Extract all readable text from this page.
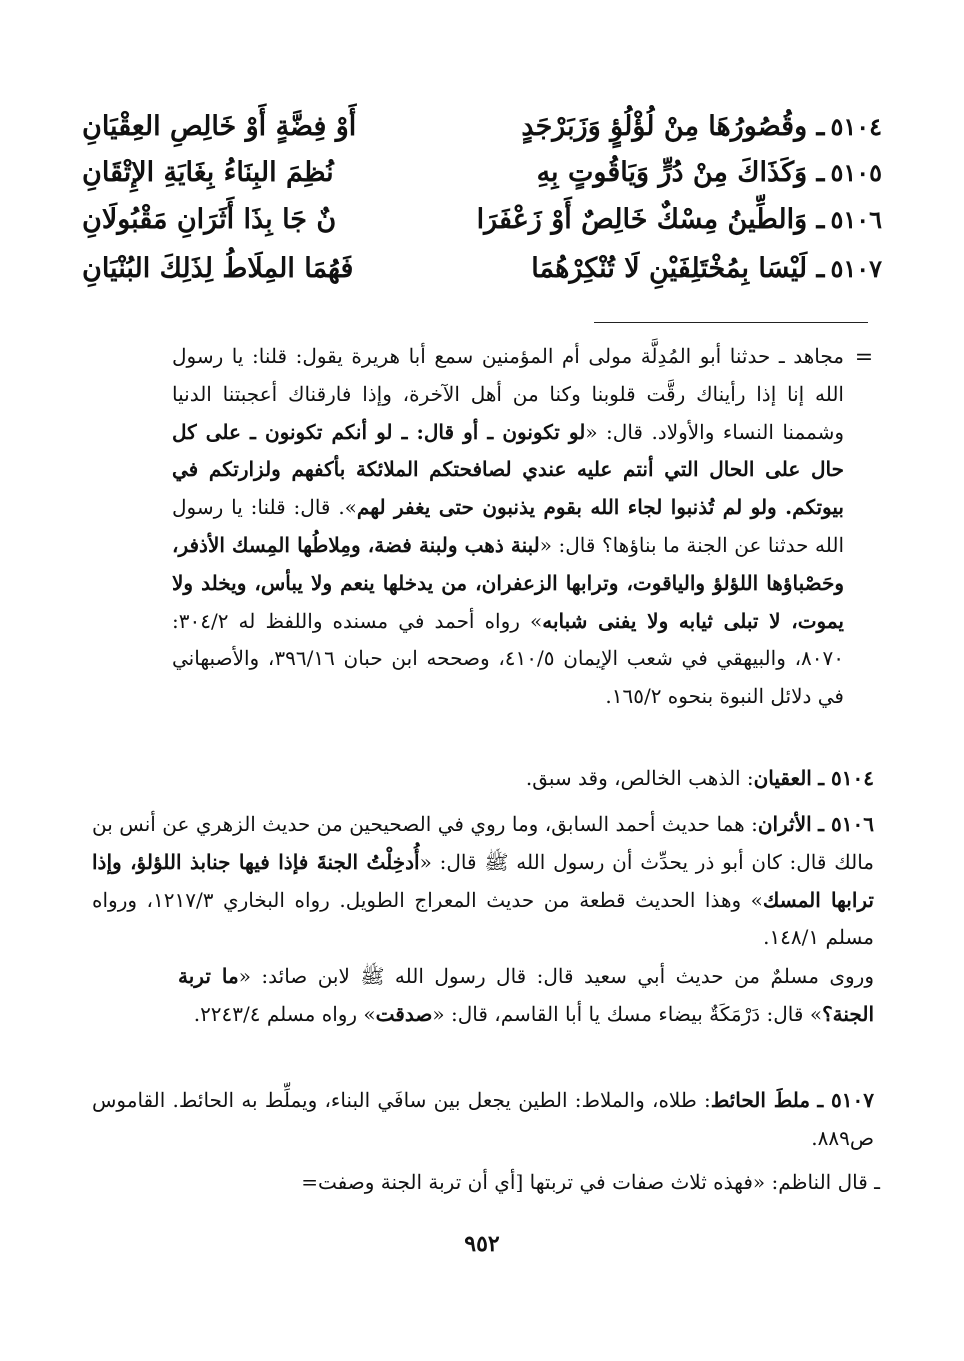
٥١٠٤
ـ وقُصُورُهَا مِنْ لُؤْلُؤٍ وَزَبَرْجَدٍ
أَوْ فِضَّةٍ أَوْ خَالِصِ العِقْيَانِ
٥١٠٥
ـ وَكَذَاكَ مِنْ دُرٍّ وَيَاقُوتٍ بِهِ
نُظِمَ البِنَاءُ بِغَايَةِ الإِتْقَانِ
٥١٠٦
ـ وَالطِّينُ مِسْكٌ خَالِصٌ أَوْ زَعْفَرَا
نٌ جَا بِذَا أَثَرَانِ مَقْبُولَانِ
٥١٠٧
ـ لَيْسَا بِمُخْتَلِفَيْنِ لَا تُنْكِرْهُمَا
فَهُمَا المِلَاطُ لِذَلِكَ البُنْيَانِ
=
مجاهد ـ حدثنا أبو المُدِلَّة مولى أم المؤمنين سمع أبا هريرة يقول: قلنا: يا رسول الله إنا إذا رأيناك رقَّت قلوبنا وكنا من أهل الآخرة، وإذا فارقناك أعجبتنا الدنيا وشممنا النساء والأولاد. قال: «لو تكونون ـ أو قال: ـ لو أنكم تكونون ـ على كل حال على الحال التي أنتم عليه عندي لصافحتكم الملائكة بأكفهم ولزارتكم في بيوتكم. ولو لم تُذنبوا لجاء الله بقوم يذنبون حتى يغفر لهم». قال: قلنا: يا رسول الله حدثنا عن الجنة ما بناؤها؟ قال: «لبنة ذهب ولبنة فضة، ومِلاطُها المِسك الأذفر، وحَصْباؤها اللؤلؤ والياقوت، وترابها الزعفران، من يدخلها ينعم ولا يبأس، ويخلد ولا يموت، لا تبلى ثيابه ولا يفنى شبابه» رواه أحمد في مسنده واللفظ له ٣٠٤/٢: ٨٠٧٠، والبيهقي في شعب الإيمان ٤١٠/٥، وصححه ابن حبان ٣٩٦/١٦، والأصبهاني في دلائل النبوة بنحوه ١٦٥/٢.
٥١٠٤ ـ العقيان: الذهب الخالص، وقد سبق.
٥١٠٦ ـ الأثران: هما حديث أحمد السابق، وما روي في الصحيحين من حديث الزهري عن أنس بن مالك قال: كان أبو ذر يحدِّث أن رسول الله ﷺ قال: «أُدخِلْتُ الجنةَ فإذا فيها جنابذ اللؤلؤ، وإذا ترابها المسك» وهذا الحديث قطعة من حديث المعراج الطويل. رواه البخاري ١٢١٧/٣، ورواه مسلم ١٤٨/١.
وروى مسلمٌ من حديث أبي سعيد قال: قال رسول الله ﷺ لابن صائد: «ما تربة الجنة؟» قال: دَرْمَكَةٌ بيضاء مسك يا أبا القاسم، قال: «صدقت» رواه مسلم ٢٢٤٣/٤.
٥١٠٧ ـ ملطَ الحائط: طلاه، والملاط: الطين يجعل بين سافَي البناء، ويملِّط به الحائط. القاموس ص٨٨٩.
ـ قال الناظم: «فهذه ثلاث صفات في تربتها [أي أن تربة الجنة وصفت=
٩٥٢
